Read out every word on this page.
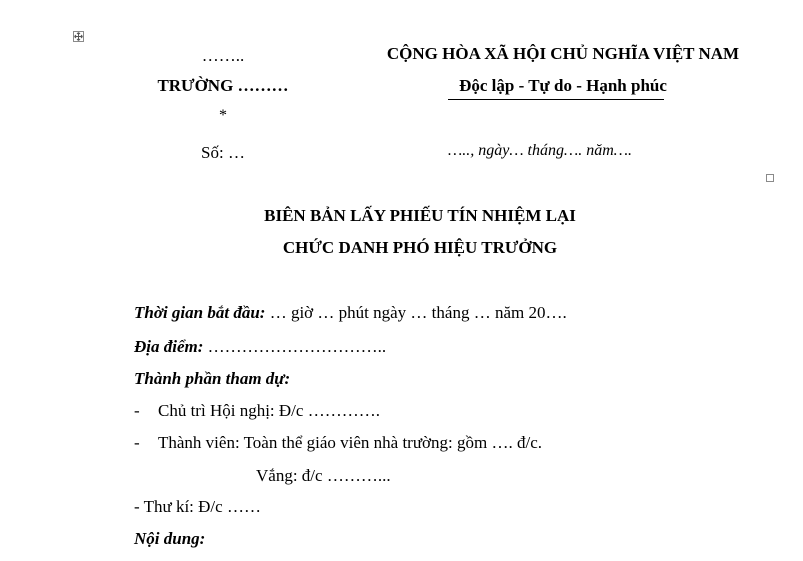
……..
TRƯỜNG ………
*
Số: …
CỘNG HÒA XÃ HỘI CHỦ NGHĨA VIỆT NAM
Độc lập - Tự do - Hạnh phúc
….., ngày… tháng…. năm….
BIÊN BẢN LẤY PHIẾU TÍN NHIỆM LẠI
CHỨC DANH PHÓ HIỆU TRƯỞNG
Thời gian bắt đầu: … giờ … phút ngày … tháng … năm 20….
Địa điểm: …………………………..
Thành phần tham dự:
- Chủ trì Hội nghị: Đ/c ………….
- Thành viên: Toàn thể giáo viên nhà trường: gồm …. đ/c.
Vắng: đ/c ………...
- Thư kí: Đ/c ……
Nội dung:
